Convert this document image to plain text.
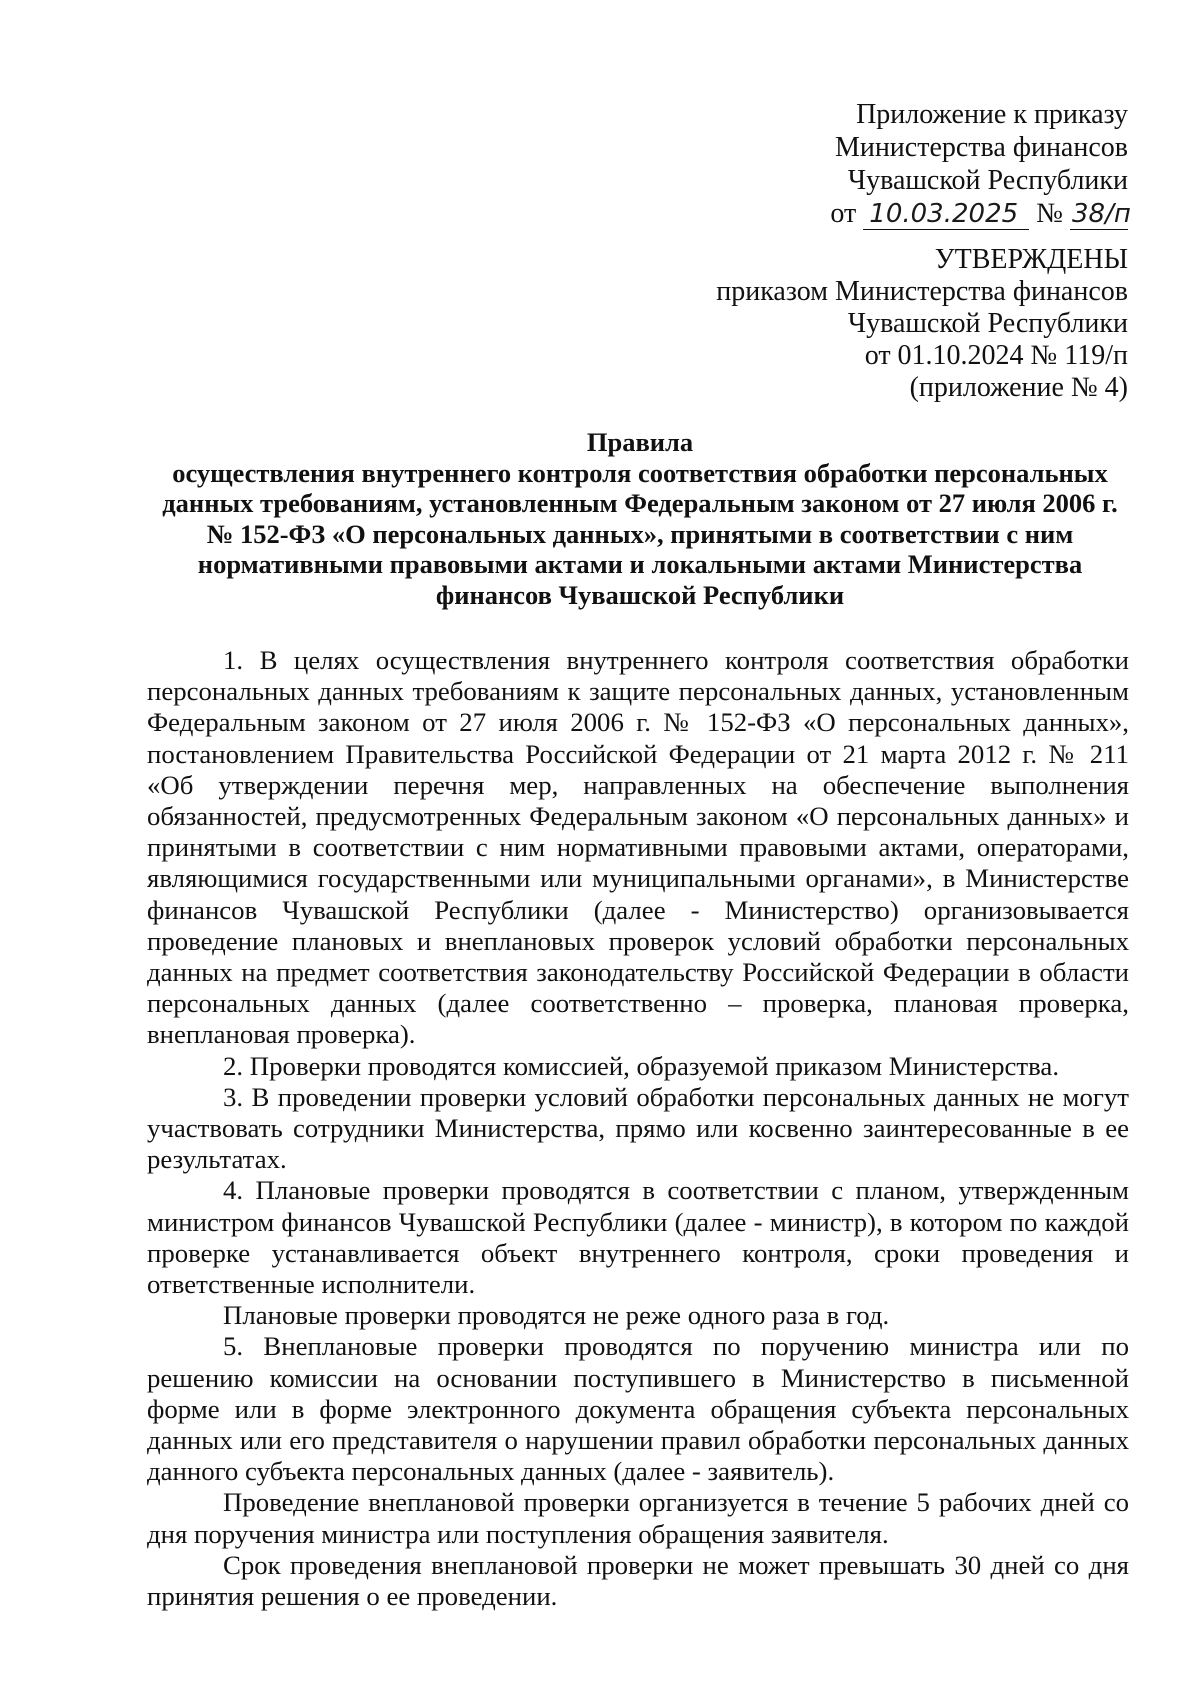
Приложение к приказу
Министерства финансов
Чувашской Республики
от 10.03.2025 № 38/п
УТВЕРЖДЕНЫ
приказом Министерства финансов
Чувашской Республики
от 01.10.2024 № 119/п
(приложение № 4)
Правила
осуществления внутреннего контроля соответствия обработки персональных
данных требованиям, установленным Федеральным законом от 27 июля 2006 г.
№ 152-ФЗ «О персональных данных», принятыми в соответствии с ним
нормативными правовыми актами и локальными актами Министерства
финансов Чувашской Республики

1. В целях осуществления внутреннего контроля соответствия обработки персональных данных требованиям к защите персональных данных, установленным Федеральным законом от 27 июля 2006 г. № 152-ФЗ «О персональных данных», постановлением Правительства Российской Федерации от 21 марта 2012 г. № 211 «Об утверждении перечня мер, направленных на обеспечение выполнения обязанностей, предусмотренных Федеральным законом «О персональных данных» и принятыми в соответствии с ним нормативными правовыми актами, операторами, являющимися государственными или муниципальными органами», в Министерстве финансов Чувашской Республики (далее - Министерство) организовывается проведение плановых и внеплановых проверок условий обработки персональных данных на предмет соответствия законодательству Российской Федерации в области персональных данных (далее соответственно – проверка, плановая проверка, внеплановая проверка).

2. Проверки проводятся комиссией, образуемой приказом Министерства.

3. В проведении проверки условий обработки персональных данных не могут участвовать сотрудники Министерства, прямо или косвенно заинтересованные в ее результатах.

4. Плановые проверки проводятся в соответствии с планом, утвержденным министром финансов Чувашской Республики (далее - министр), в котором по каждой проверке устанавливается объект внутреннего контроля, сроки проведения и ответственные исполнители.

Плановые проверки проводятся не реже одного раза в год.

5. Внеплановые проверки проводятся по поручению министра или по решению комиссии на основании поступившего в Министерство в письменной форме или в форме электронного документа обращения субъекта персональных данных или его представителя о нарушении правил обработки персональных данных данного субъекта персональных данных (далее - заявитель).

Проведение внеплановой проверки организуется в течение 5 рабочих дней со дня поручения министра или поступления обращения заявителя.

Срок проведения внеплановой проверки не может превышать 30 дней со дня принятия решения о ее проведении.
